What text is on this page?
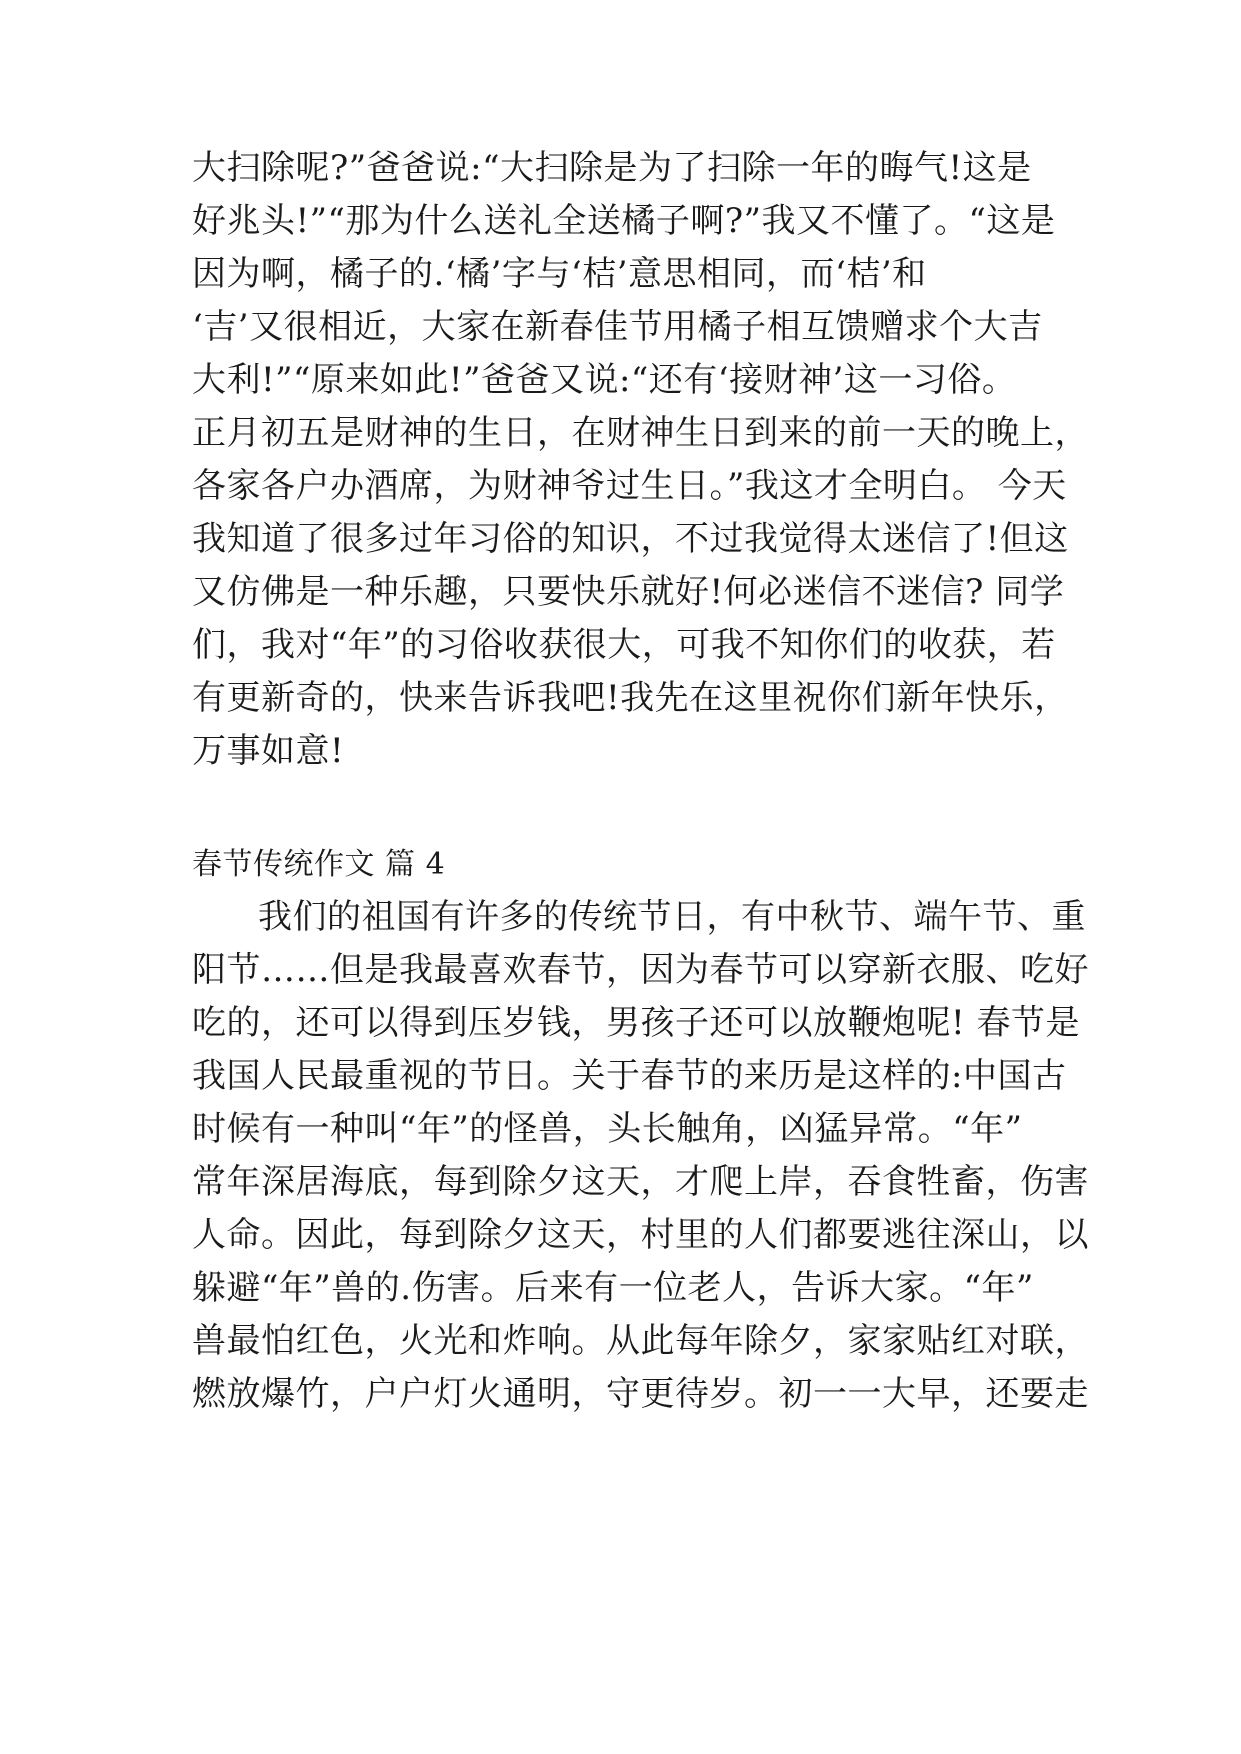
大扫除呢?”爸爸说:“大扫除是为了扫除一年的晦气!这是
好兆头!”“那为什么送礼全送橘子啊?”我又不懂了。“这是
因为啊，橘子的.‘橘’字与‘桔’意思相同，而‘桔’和
‘吉’又很相近，大家在新春佳节用橘子相互馈赠求个大吉
大利!”“原来如此!”爸爸又说:“还有‘接财神’这一习俗。
正月初五是财神的生日，在财神生日到来的前一天的晚上，
各家各户办酒席，为财神爷过生日。”我这才全明白。 今天
我知道了很多过年习俗的知识，不过我觉得太迷信了!但这
又仿佛是一种乐趣，只要快乐就好!何必迷信不迷信? 同学
们，我对“年”的习俗收获很大，可我不知你们的收获，若
有更新奇的，快来告诉我吧!我先在这里祝你们新年快乐，
万事如意!
春节传统作文 篇 4
我们的祖国有许多的传统节日，有中秋节、端午节、重
阳节……但是我最喜欢春节，因为春节可以穿新衣服、吃好
吃的，还可以得到压岁钱，男孩子还可以放鞭炮呢! 春节是
我国人民最重视的节日。关于春节的来历是这样的:中国古
时候有一种叫“年”的怪兽，头长触角，凶猛异常。“年”
常年深居海底，每到除夕这天，才爬上岸，吞食牲畜，伤害
人命。因此，每到除夕这天，村里的人们都要逃往深山，以
躲避“年”兽的.伤害。后来有一位老人，告诉大家。“年”
兽最怕红色，火光和炸响。从此每年除夕，家家贴红对联，
燃放爆竹，户户灯火通明，守更待岁。初一一大早，还要走
